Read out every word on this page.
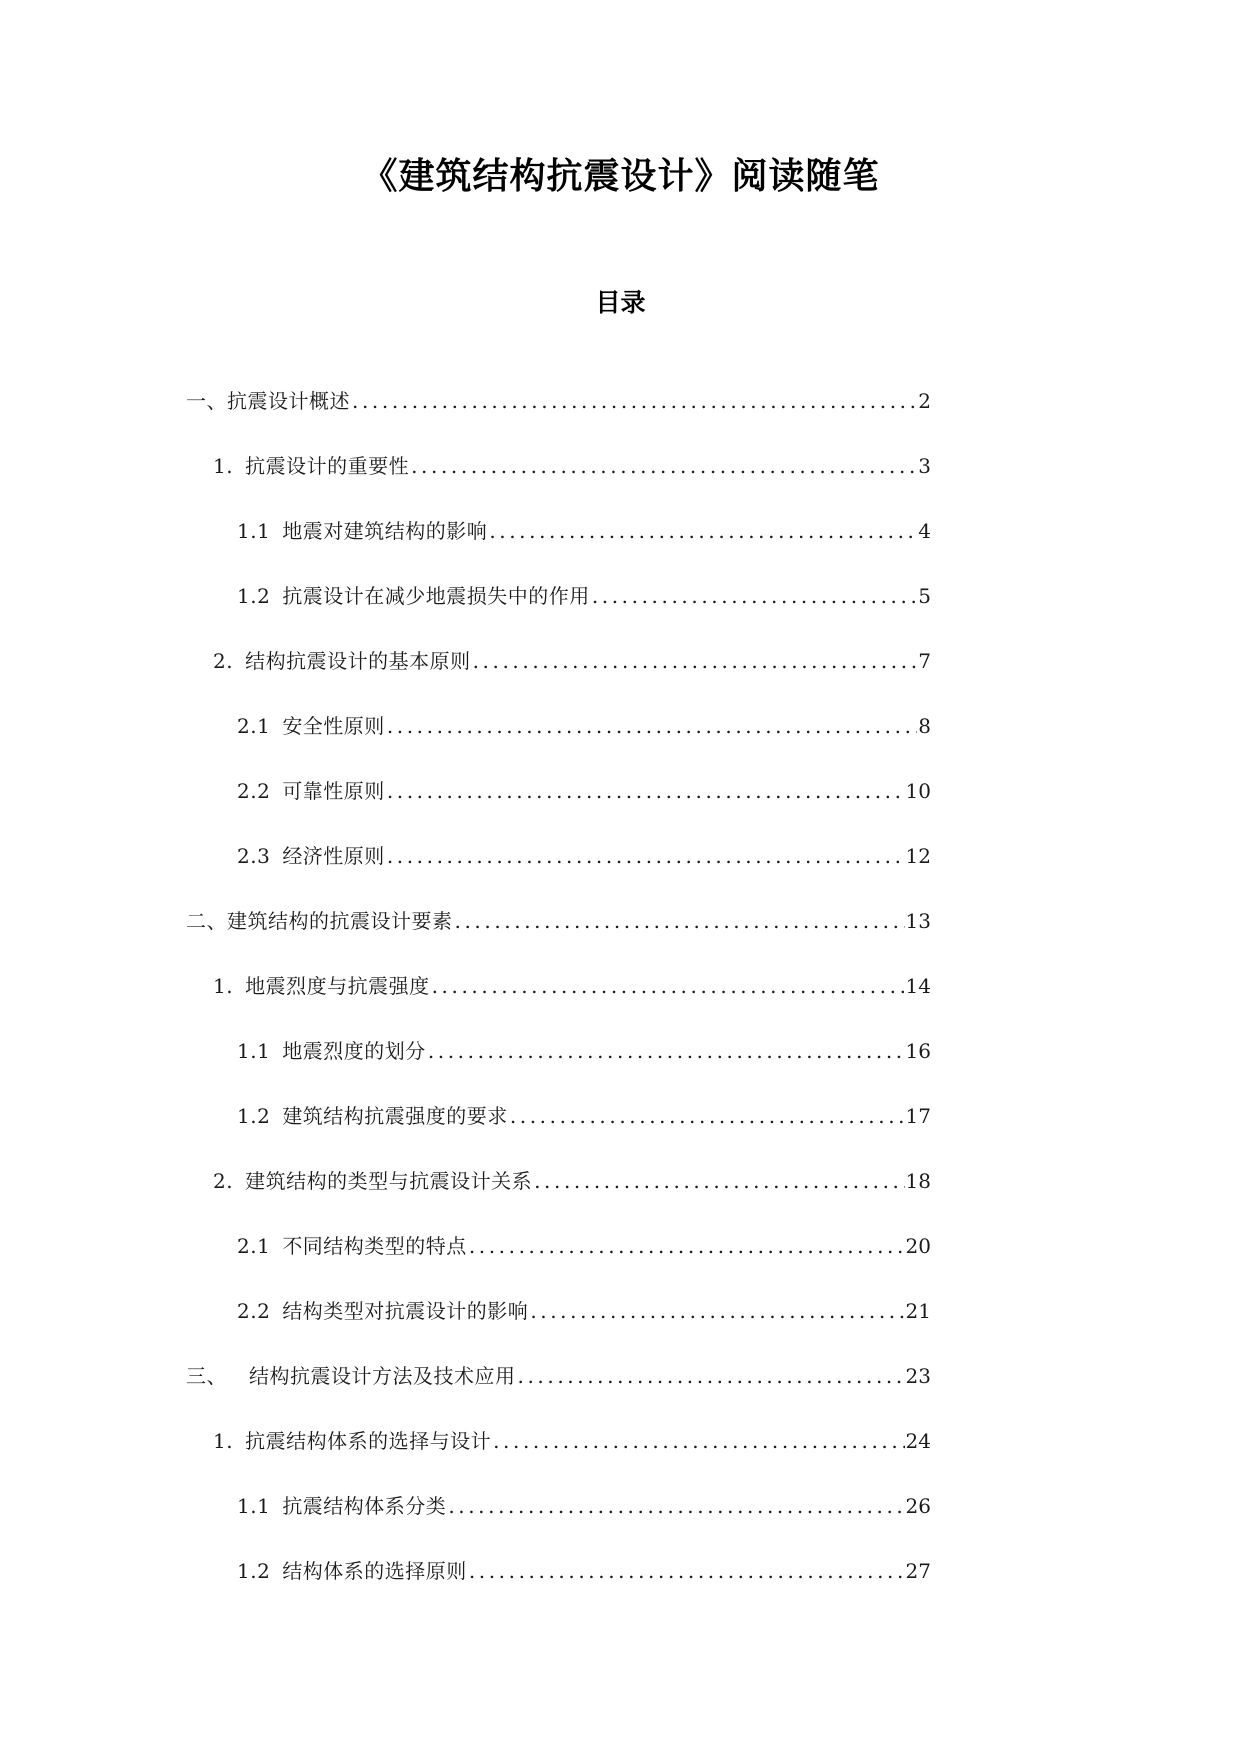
《建筑结构抗震设计》阅读随笔
目录
一、抗震设计概述 .....	2
1. 抗震设计的重要性 .....	3
1.1 地震对建筑结构的影响 .....	4
1.2 抗震设计在减少地震损失中的作用 .....	5
2. 结构抗震设计的基本原则 .....	7
2.1 安全性原则 .....	8
2.2 可靠性原则 .....	10
2.3 经济性原则 .....	12
二、建筑结构的抗震设计要素 .....	13
1. 地震烈度与抗震强度 .....	14
1.1 地震烈度的划分 .....	16
1.2 建筑结构抗震强度的要求 .....	17
2. 建筑结构的类型与抗震设计关系 .....	18
2.1 不同结构类型的特点 .....	20
2.2 结构类型对抗震设计的影响 .....	21
三、 结构抗震设计方法及技术应用 .....	23
1. 抗震结构体系的选择与设计 .....	24
1.1 抗震结构体系分类 .....	26
1.2 结构体系的选择原则 .....	27
